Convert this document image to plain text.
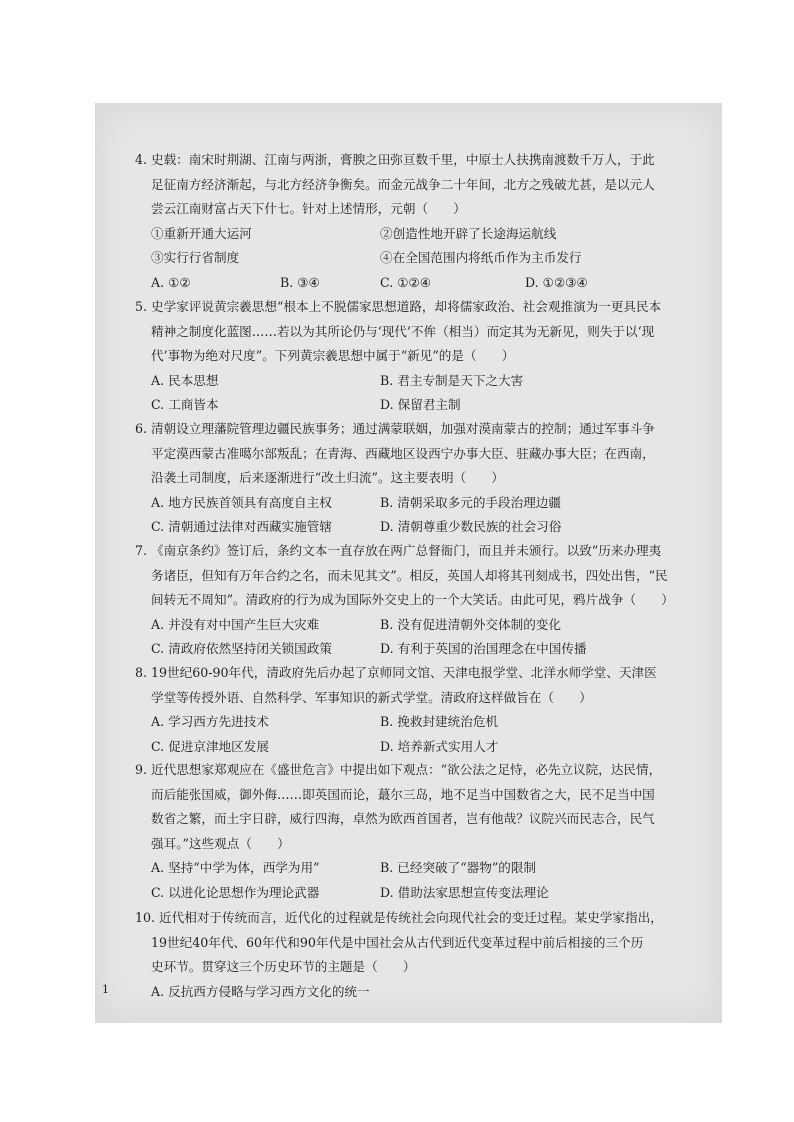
4. 史载：南宋时荆湖、江南与两浙，膏腴之田弥亘数千里，中原士人扶携南渡数千万人，于此
足征南方经济渐起，与北方经济争衡矣。而金元战争二十年间，北方之残破尤甚，是以元人
尝云江南财富占天下什七。针对上述情形，元朝（　　）
①重新开通大运河	②创造性地开辟了长途海运航线
③实行行省制度	④在全国范围内将纸币作为主币发行
A. ①②	B. ③④	C. ①②④	D. ①②③④
5. 史学家评说黄宗羲思想“根本上不脱儒家思想道路，却将儒家政治、社会观推演为一更具民本
精神之制度化蓝图……若以为其所论仍与‘现代’不侔（相当）而定其为无新见，则失于以‘现
代’事物为绝对尺度”。下列黄宗羲思想中属于“新见”的是（　　）
A. 民本思想	B. 君主专制是天下之大害
C. 工商皆本	D. 保留君主制
6. 清朝设立理藩院管理边疆民族事务；通过满蒙联姻，加强对漠南蒙古的控制；通过军事斗争
平定漠西蒙古准噶尔部叛乱；在青海、西藏地区设西宁办事大臣、驻藏办事大臣；在西南，
沿袭土司制度，后来逐渐进行“改土归流”。这主要表明（　　）
A. 地方民族首领具有高度自主权	B. 清朝采取多元的手段治理边疆
C. 清朝通过法律对西藏实施管辖	D. 清朝尊重少数民族的社会习俗
7. 《南京条约》签订后，条约文本一直存放在两广总督衙门，而且并未颁行。以致“历来办理夷
务诸臣，但知有万年合约之名，而未见其文”。相反，英国人却将其刊刻成书，四处出售，“民
间转无不周知”。清政府的行为成为国际外交史上的一个大笑话。由此可见，鸦片战争（　　）
A. 并没有对中国产生巨大灾难	B. 没有促进清朝外交体制的变化
C. 清政府依然坚持闭关锁国政策	D. 有利于英国的治国理念在中国传播
8. 19世纪60-90年代，清政府先后办起了京师同文馆、天津电报学堂、北洋水师学堂、天津医
学堂等传授外语、自然科学、军事知识的新式学堂。清政府这样做旨在（　　）
A. 学习西方先进技术	B. 挽救封建统治危机
C. 促进京津地区发展	D. 培养新式实用人才
9. 近代思想家郑观应在《盛世危言》中提出如下观点：“欲公法之足恃，必先立议院，达民情，
而后能张国威，御外侮……即英国而论，蕞尔三岛，地不足当中国数省之大，民不足当中国
数省之繁，而土宇日辟，威行四海，卓然为欧西首国者，岂有他哉？议院兴而民志合，民气
强耳。”这些观点（　　）
A. 坚持“中学为体，西学为用”	B. 已经突破了“器物”的限制
C. 以进化论思想作为理论武器	D. 借助法家思想宣传变法理论
10. 近代相对于传统而言，近代化的过程就是传统社会向现代社会的变迁过程。某史学家指出，
19世纪40年代、60年代和90年代是中国社会从古代到近代变革过程中前后相接的三个历
史环节。贯穿这三个历史环节的主题是（　　）
A. 反抗西方侵略与学习西方文化的统一
1
